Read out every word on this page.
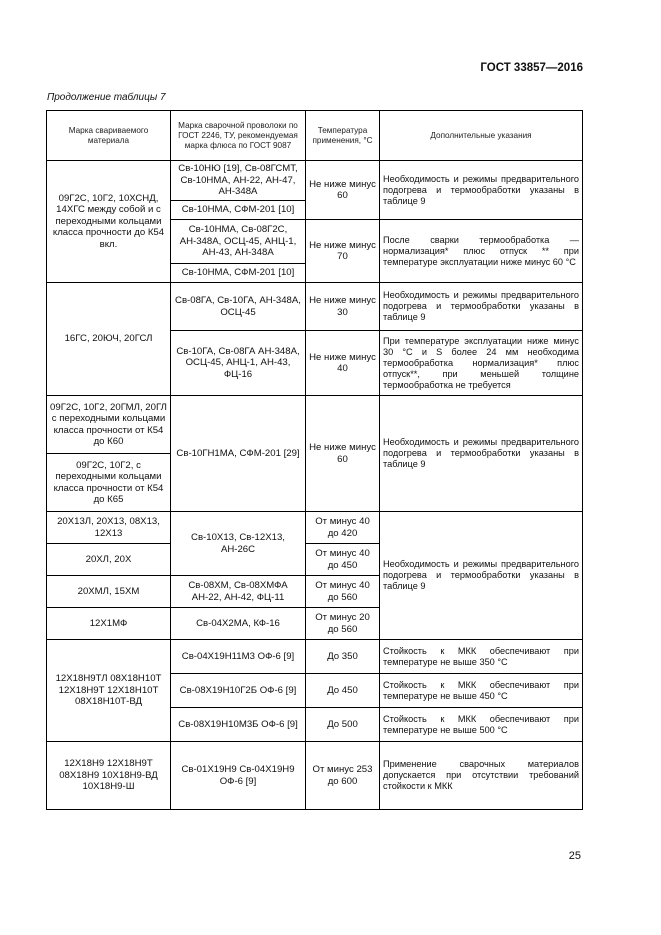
ГОСТ 33857—2016
Продолжение таблицы 7
Марка свариваемого материала	Марка сварочной проволоки по ГОСТ 2246, ТУ, рекомендуемая марка флюса по ГОСТ 9087	Температура применения, °С	Дополнительные указания
09Г2С, 10Г2, 10ХСНД, 14ХГС между собой и с переходными кольцами класса прочности до К54 вкл.	Св-10НЮ [19], Св-08ГСМТ, Св-10НМА, АН-22, АН-47, АН-348А	Не ниже минус 60	Необходимость и режимы предварительного подогрева и термообработки указаны в таблице 9
	Св-10НМА, СФМ-201 [10]		
	Св-10НМА, Св-08Г2С, АН-348А, ОСЦ-45, АНЦ-1, АН-43, АН-348А	Не ниже минус 70	После сварки термообработка — нормализация* плюс отпуск ** при температуре эксплуатации ниже минус 60 °С
	Св-10НМА, СФМ-201 [10]		
16ГС, 20ЮЧ, 20ГСЛ	Св-08ГА, Св-10ГА, АН-348А, ОСЦ-45	Не ниже минус 30	Необходимость и режимы предварительного подогрева и термообработки указаны в таблице 9
	Св-10ГА, Св-08ГА АН-348А, ОСЦ-45, АНЦ-1, АН-43, ФЦ-16	Не ниже минус 40	При температуре эксплуатации ниже минус 30 °С и S более 24 мм необходима термообработка нормализация* плюс отпуск**, при меньшей толщине термообработка не требуется
09Г2С, 10Г2, 20ГМЛ, 20ГЛ с переходными кольцами класса прочности от К54 до К60	Св-10ГН1МА, СФМ-201 [29]	Не ниже минус 60	Необходимость и режимы предварительного подогрева и термообработки указаны в таблице 9
09Г2С, 10Г2, с переходными кольцами класса прочности от К54 до К65			
20Х13Л, 20Х13, 08Х13, 12Х13	Св-10Х13, Св-12Х13, АН-26С	От минус 40 до 420	Необходимость и режимы предварительного подогрева и термообработки указаны в таблице 9
20ХЛ, 20Х		От минус 40 до 450	
20ХМЛ, 15ХМ	Св-08ХМ, Св-08ХМФА АН-22, АН-42, ФЦ-11	От минус 40 до 560	
12Х1МФ	Св-04Х2МА, КФ-16	От минус 20 до 560	
12Х18Н9ТЛ 08Х18Н10Т 12Х18Н9Т 12Х18Н10Т 08Х18Н10Т-ВД	Св-04Х19Н11М3 ОФ-6 [9]	До 350	Стойкость к МКК обеспечивают при температуре не выше 350 °С
	Св-08Х19Н10Г2Б ОФ-6 [9]	До 450	Стойкость к МКК обеспечивают при температуре не выше 450 °С
	Св-08Х19Н10М3Б ОФ-6 [9]	До 500	Стойкость к МКК обеспечивают при температуре не выше 500 °С
12Х18Н9 12Х18Н9Т 08Х18Н9 10Х18Н9-ВД 10Х18Н9-Ш	Св-01Х19Н9 Св-04Х19Н9 ОФ-6 [9]	От минус 253 до 600	Применение сварочных материалов допускается при отсутствии требований стойкости к МКК
25
